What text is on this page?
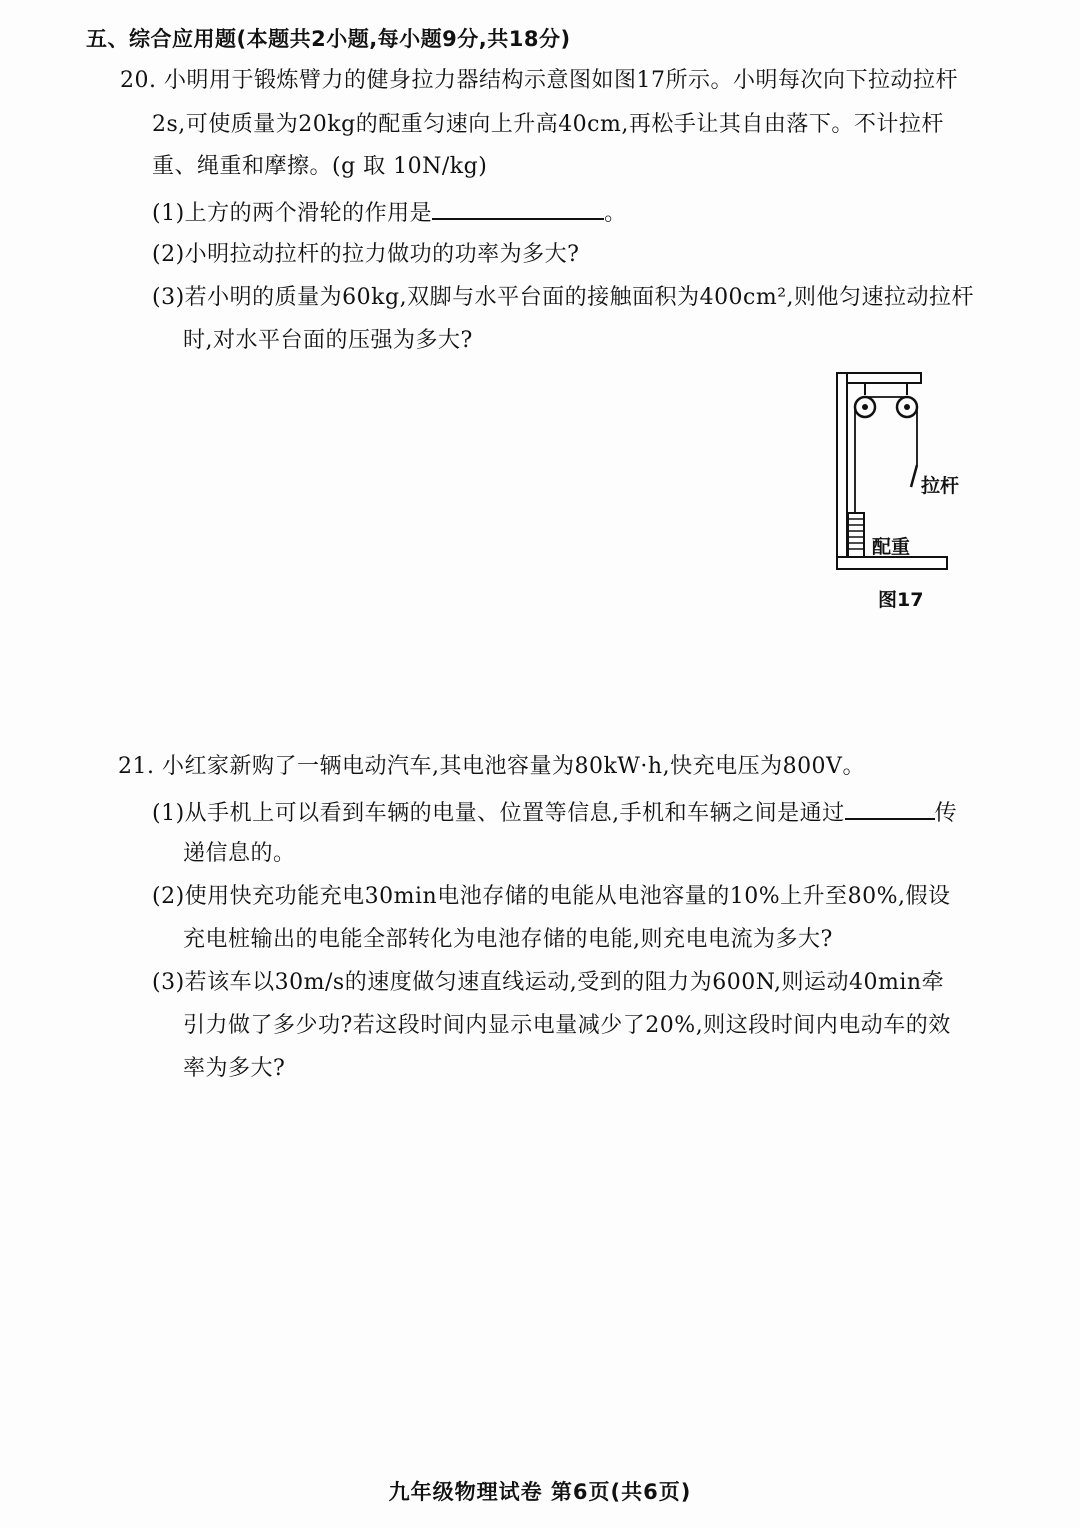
五、综合应用题(本题共2小题,每小题9分,共18分)
20. 小明用于锻炼臂力的健身拉力器结构示意图如图17所示。小明每次向下拉动拉杆
2s,可使质量为20kg的配重匀速向上升高40cm,再松手让其自由落下。不计拉杆
重、绳重和摩擦。(g 取 10N/kg)
(1)上方的两个滑轮的作用是	。
(2)小明拉动拉杆的拉力做功的功率为多大?
(3)若小明的质量为60kg,双脚与水平台面的接触面积为400cm²,则他匀速拉动拉杆
时,对水平台面的压强为多大?
拉杆
配重
图17
21. 小红家新购了一辆电动汽车,其电池容量为80kW·h,快充电压为800V。
(1)从手机上可以看到车辆的电量、位置等信息,手机和车辆之间是通过	传
递信息的。
(2)使用快充功能充电30min电池存储的电能从电池容量的10%上升至80%,假设
充电桩输出的电能全部转化为电池存储的电能,则充电电流为多大?
(3)若该车以30m/s的速度做匀速直线运动,受到的阻力为600N,则运动40min牵
引力做了多少功?若这段时间内显示电量减少了20%,则这段时间内电动车的效
率为多大?
九年级物理试卷 第6页(共6页)
